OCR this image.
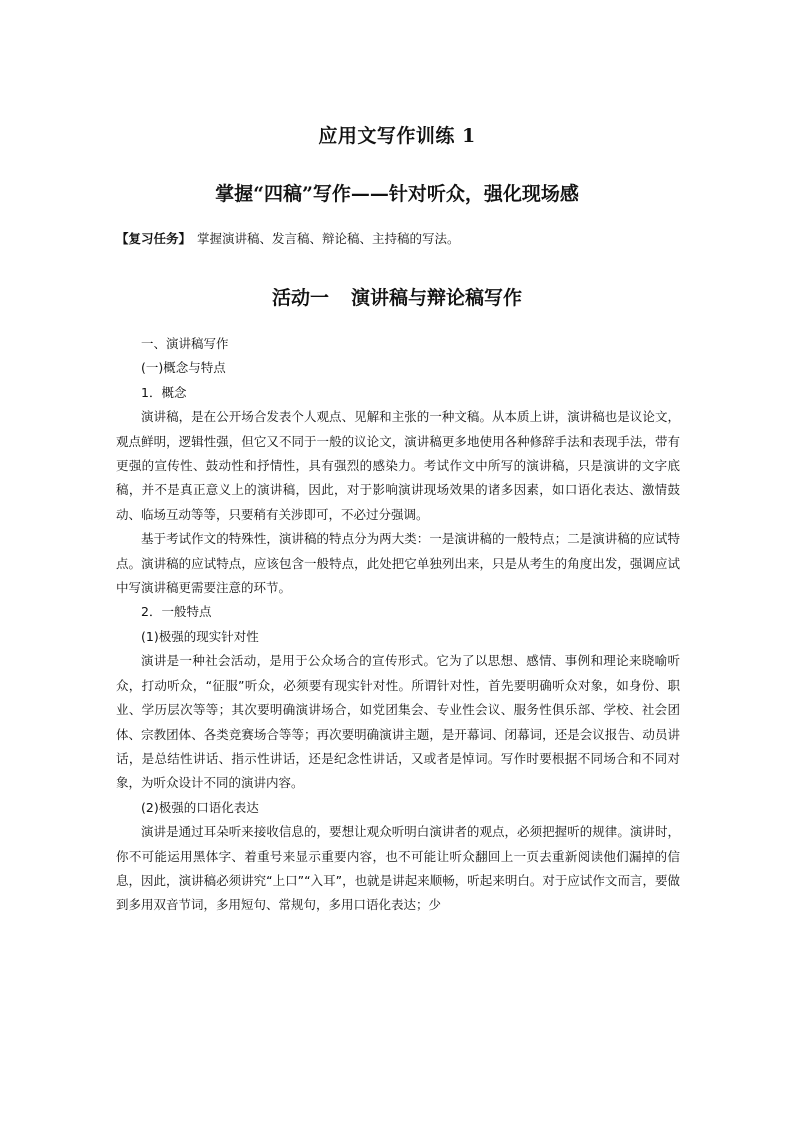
应用文写作训练 1
掌握“四稿”写作——针对听众，强化现场感
【复习任务】 掌握演讲稿、发言稿、辩论稿、主持稿的写法。
活动一 演讲稿与辩论稿写作

一、演讲稿写作

(一)概念与特点

1．概念

演讲稿，是在公开场合发表个人观点、见解和主张的一种文稿。从本质上讲，演讲稿也是议论文，观点鲜明，逻辑性强，但它又不同于一般的议论文，演讲稿更多地使用各种修辞手法和表现手法，带有更强的宣传性、鼓动性和抒情性，具有强烈的感染力。考试作文中所写的演讲稿，只是演讲的文字底稿，并不是真正意义上的演讲稿，因此，对于影响演讲现场效果的诸多因素，如口语化表达、激情鼓动、临场互动等等，只要稍有关涉即可，不必过分强调。

基于考试作文的特殊性，演讲稿的特点分为两大类：一是演讲稿的一般特点；二是演讲稿的应试特点。演讲稿的应试特点，应该包含一般特点，此处把它单独列出来，只是从考生的角度出发，强调应试中写演讲稿更需要注意的环节。

2．一般特点

(1)极强的现实针对性

演讲是一种社会活动，是用于公众场合的宣传形式。它为了以思想、感情、事例和理论来晓喻听众，打动听众，“征服”听众，必须要有现实针对性。所谓针对性，首先要明确听众对象，如身份、职业、学历层次等等；其次要明确演讲场合，如党团集会、专业性会议、服务性俱乐部、学校、社会团体、宗教团体、各类竞赛场合等等；再次要明确演讲主题，是开幕词、闭幕词，还是会议报告、动员讲话，是总结性讲话、指示性讲话，还是纪念性讲话，又或者是悼词。写作时要根据不同场合和不同对象，为听众设计不同的演讲内容。

(2)极强的口语化表达

演讲是通过耳朵听来接收信息的，要想让观众听明白演讲者的观点，必须把握听的规律。演讲时，你不可能运用黑体字、着重号来显示重要内容，也不可能让听众翻回上一页去重新阅读他们漏掉的信息，因此，演讲稿必须讲究“上口”“入耳”，也就是讲起来顺畅，听起来明白。对于应试作文而言，要做到多用双音节词，多用短句、常规句，多用口语化表达；少
